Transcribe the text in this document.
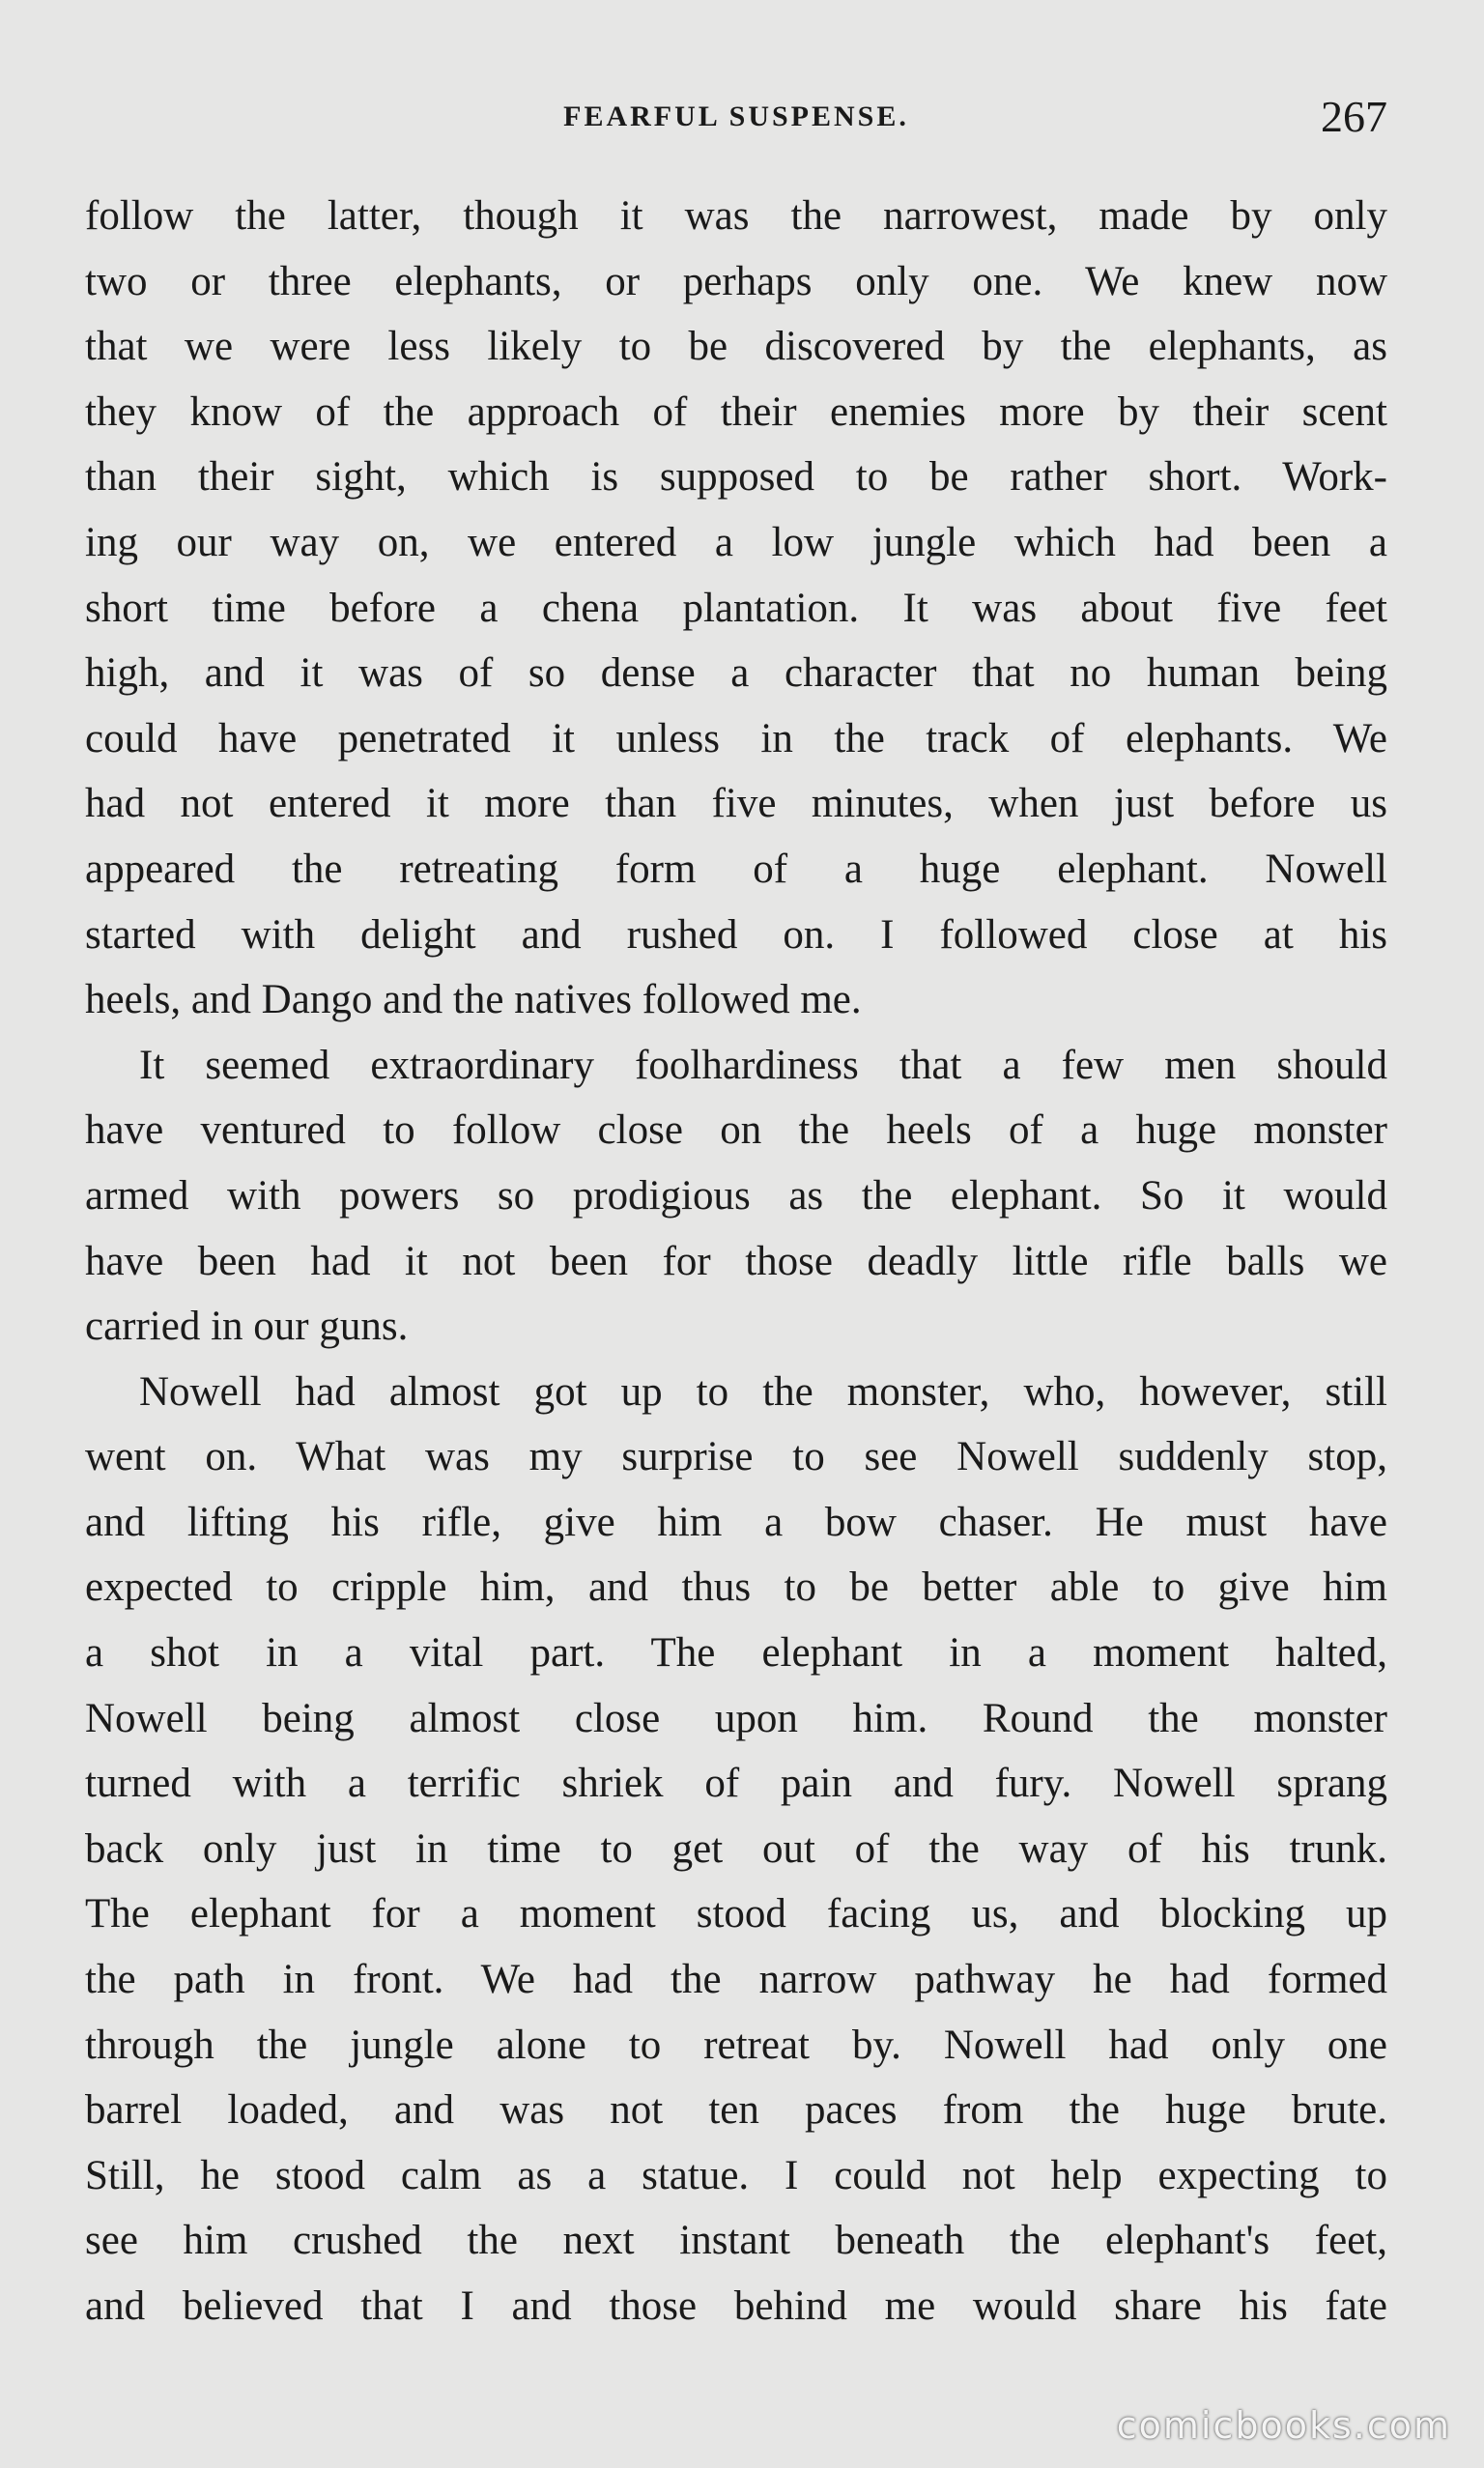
FEARFUL SUSPENSE.	267
follow the latter, though it was the narrowest, made by only
two or three elephants, or perhaps only one. We knew now
that we were less likely to be discovered by the elephants, as
they know of the approach of their enemies more by their scent
than their sight, which is supposed to be rather short. Work-
ing our way on, we entered a low jungle which had been a
short time before a chena plantation. It was about five feet
high, and it was of so dense a character that no human being
could have penetrated it unless in the track of elephants. We
had not entered it more than five minutes, when just before us
appeared the retreating form of a huge elephant. Nowell
started with delight and rushed on. I followed close at his
heels, and Dango and the natives followed me.
It seemed extraordinary foolhardiness that a few men should
have ventured to follow close on the heels of a huge monster
armed with powers so prodigious as the elephant. So it would
have been had it not been for those deadly little rifle balls we
carried in our guns.
Nowell had almost got up to the monster, who, however, still
went on. What was my surprise to see Nowell suddenly stop,
and lifting his rifle, give him a bow chaser. He must have
expected to cripple him, and thus to be better able to give him
a shot in a vital part. The elephant in a moment halted,
Nowell being almost close upon him. Round the monster
turned with a terrific shriek of pain and fury. Nowell sprang
back only just in time to get out of the way of his trunk.
The elephant for a moment stood facing us, and blocking up
the path in front. We had the narrow pathway he had formed
through the jungle alone to retreat by. Nowell had only one
barrel loaded, and was not ten paces from the huge brute.
Still, he stood calm as a statue. I could not help expecting to
see him crushed the next instant beneath the elephant's feet,
and believed that I and those behind me would share his fate
comicbooks.com
